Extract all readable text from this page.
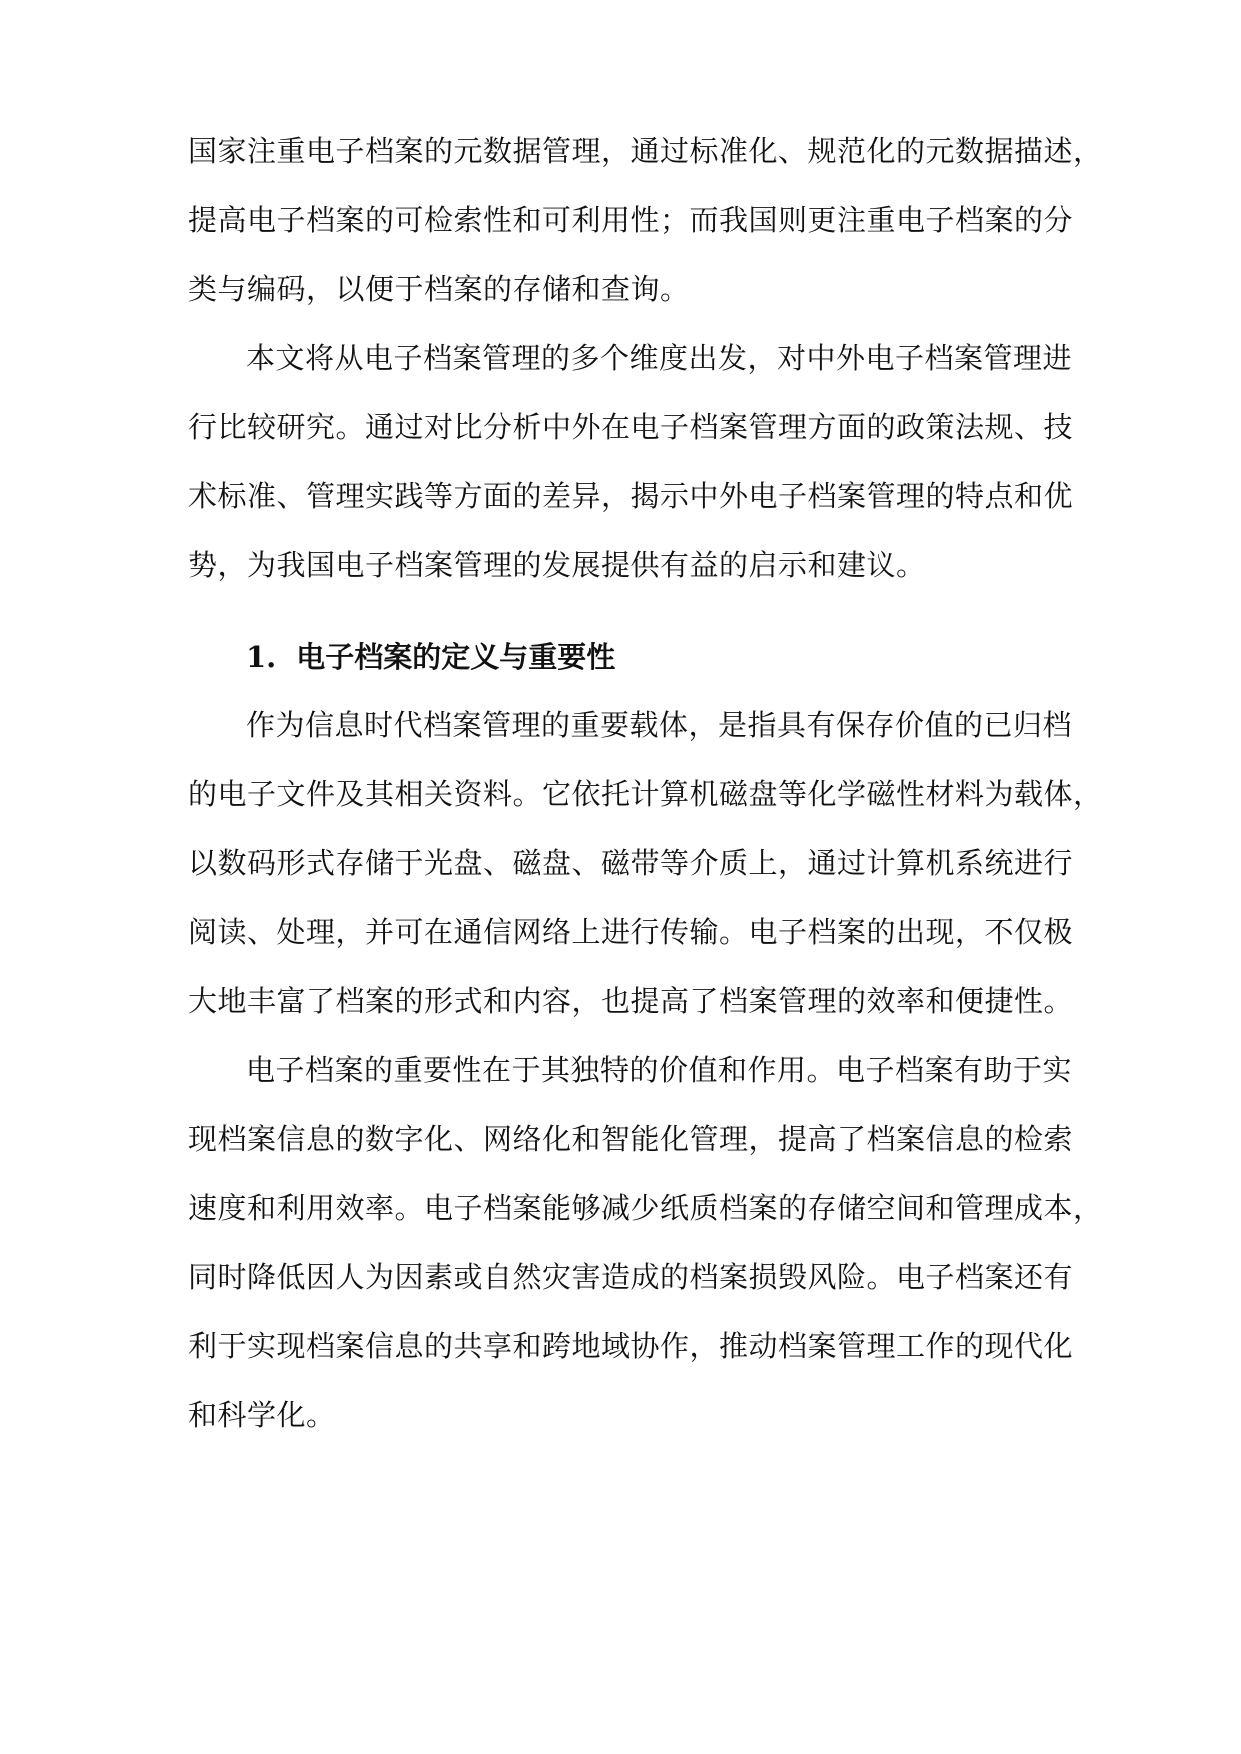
国家注重电子档案的元数据管理，通过标准化、规范化的元数据描述，
提高电子档案的可检索性和可利用性；而我国则更注重电子档案的分
类与编码，以便于档案的存储和查询。
本文将从电子档案管理的多个维度出发，对中外电子档案管理进
行比较研究。通过对比分析中外在电子档案管理方面的政策法规、技
术标准、管理实践等方面的差异，揭示中外电子档案管理的特点和优
势，为我国电子档案管理的发展提供有益的启示和建议。
1. 电子档案的定义与重要性
作为信息时代档案管理的重要载体，是指具有保存价值的已归档
的电子文件及其相关资料。它依托计算机磁盘等化学磁性材料为载体，
以数码形式存储于光盘、磁盘、磁带等介质上，通过计算机系统进行
阅读、处理，并可在通信网络上进行传输。电子档案的出现，不仅极
大地丰富了档案的形式和内容，也提高了档案管理的效率和便捷性。
电子档案的重要性在于其独特的价值和作用。电子档案有助于实
现档案信息的数字化、网络化和智能化管理，提高了档案信息的检索
速度和利用效率。电子档案能够减少纸质档案的存储空间和管理成本，
同时降低因人为因素或自然灾害造成的档案损毁风险。电子档案还有
利于实现档案信息的共享和跨地域协作，推动档案管理工作的现代化
和科学化。
